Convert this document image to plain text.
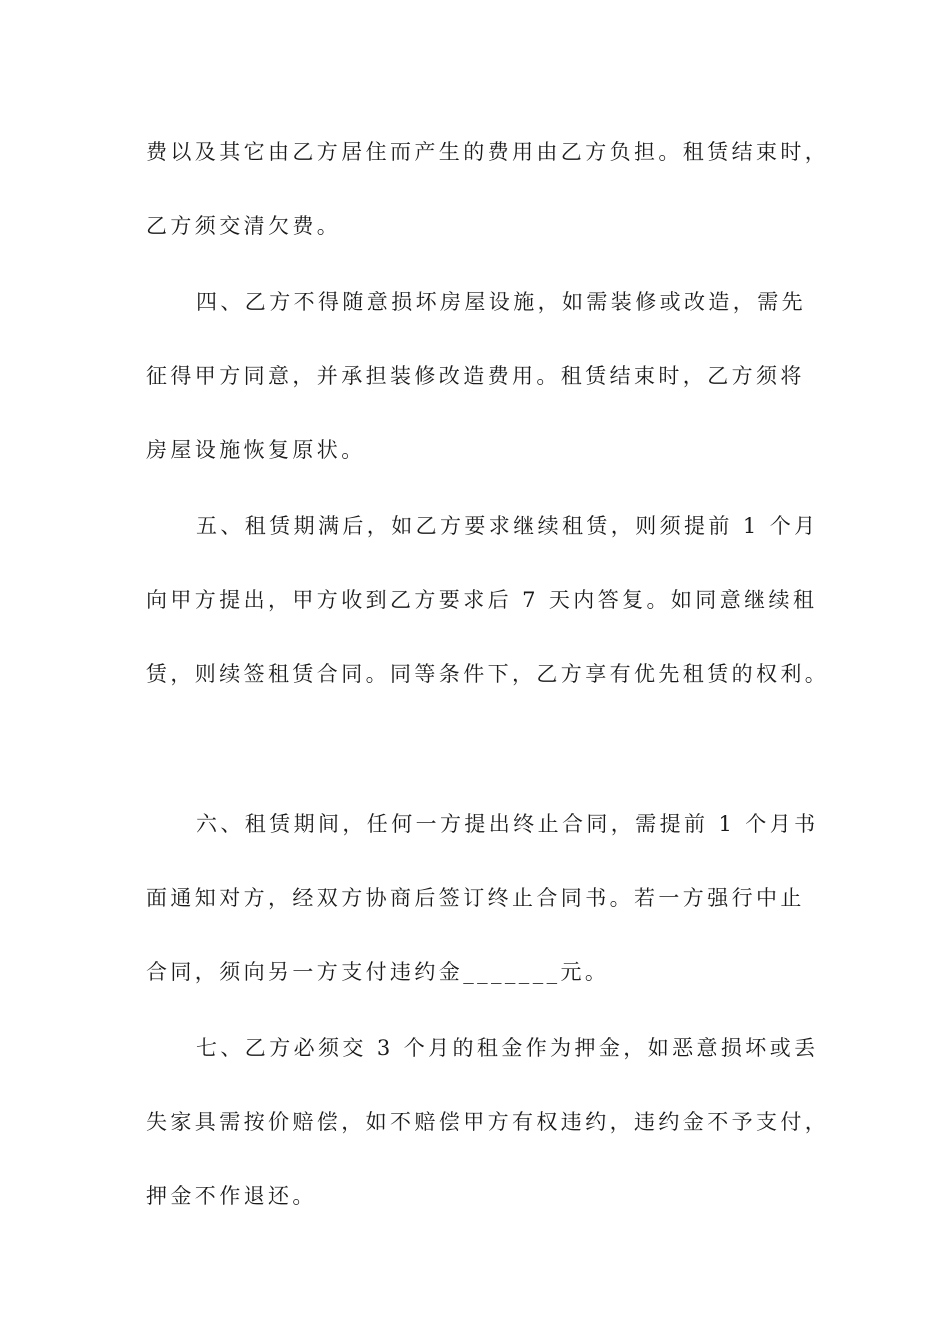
费以及其它由乙方居住而产生的费用由乙方负担。租赁结束时，
乙方须交清欠费。
四、乙方不得随意损坏房屋设施，如需装修或改造，需先
征得甲方同意，并承担装修改造费用。租赁结束时，乙方须将
房屋设施恢复原状。
五、租赁期满后，如乙方要求继续租赁，则须提前 1 个月
向甲方提出，甲方收到乙方要求后 7 天内答复。如同意继续租
赁，则续签租赁合同。同等条件下，乙方享有优先租赁的权利。
六、租赁期间，任何一方提出终止合同，需提前 1 个月书
面通知对方，经双方协商后签订终止合同书。若一方强行中止
合同，须向另一方支付违约金_______元。
七、乙方必须交 3 个月的租金作为押金，如恶意损坏或丢
失家具需按价赔偿，如不赔偿甲方有权违约，违约金不予支付，
押金不作退还。
